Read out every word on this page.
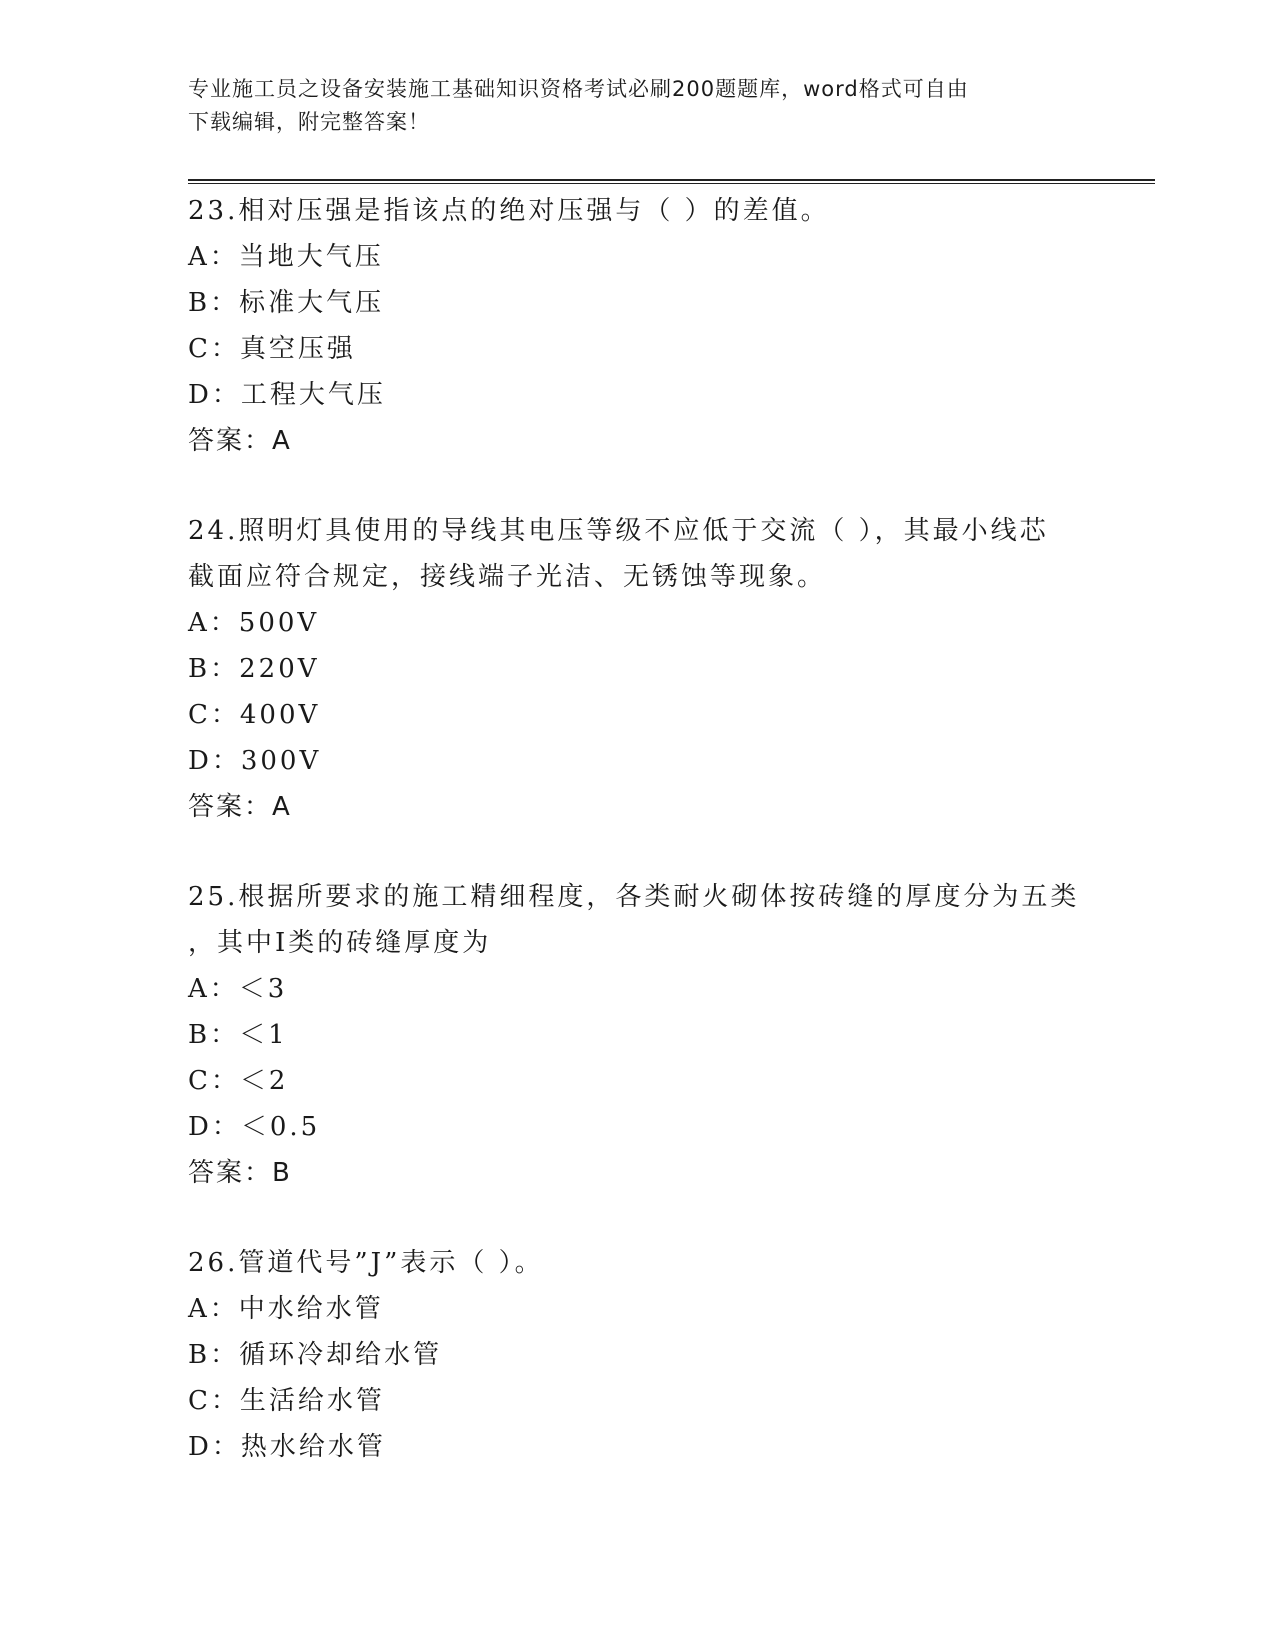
专业施工员之设备安装施工基础知识资格考试必刷200题题库，word格式可自由
下载编辑，附完整答案！

23.相对压强是指该点的绝对压强与（ ）的差值。

A：当地大气压

B：标准大气压

C：真空压强

D：工程大气压

答案：A

24.照明灯具使用的导线其电压等级不应低于交流（ ），其最小线芯

截面应符合规定，接线端子光洁、无锈蚀等现象。

A：500V

B：220V

C：400V

D：300V

答案：A

25.根据所要求的施工精细程度，各类耐火砌体按砖缝的厚度分为五类

，其中Ⅰ类的砖缝厚度为

A：＜3

B：＜1

C：＜2

D：＜0.5

答案：B

26.管道代号”J”表示（ ）。

A：中水给水管

B：循环冷却给水管

C：生活给水管

D：热水给水管
